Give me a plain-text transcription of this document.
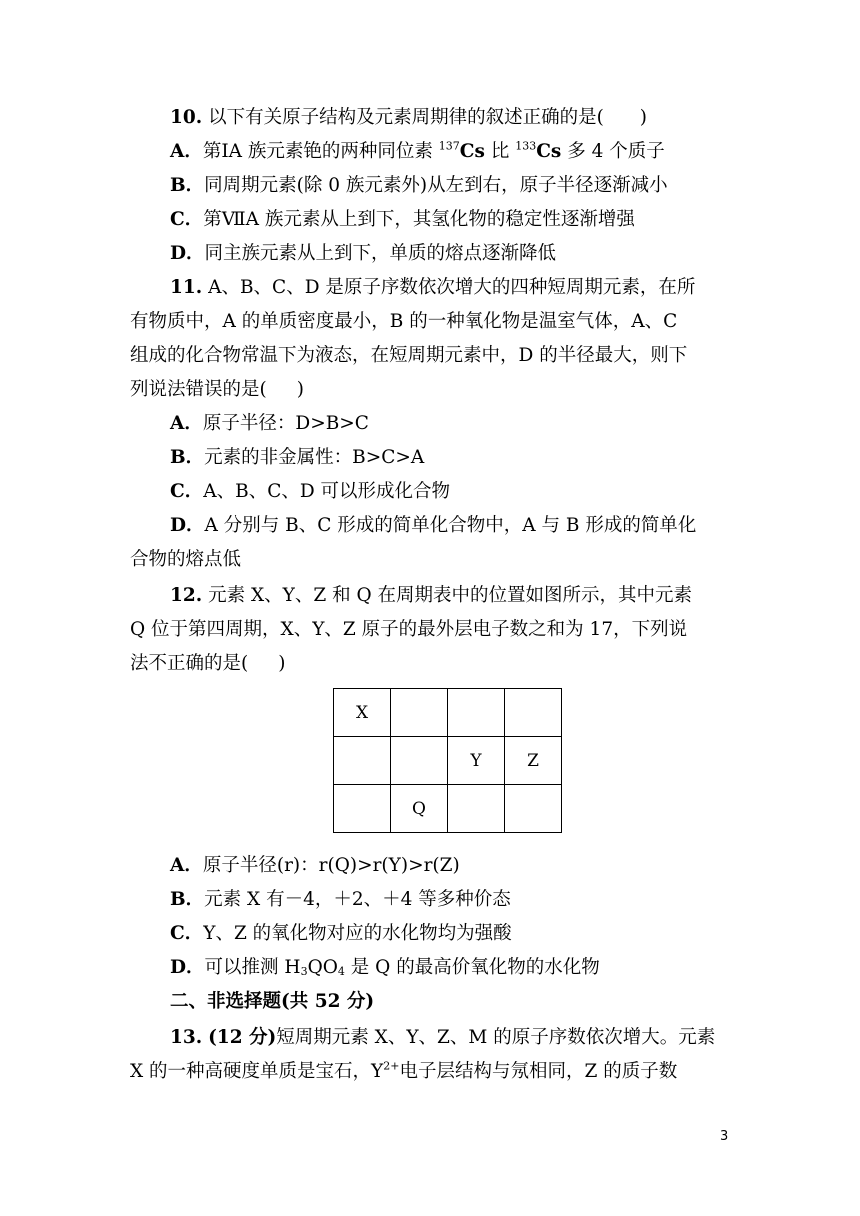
10. 以下有关原子结构及元素周期律的叙述正确的是( )
A．第ⅠA 族元素铯的两种同位素 $^{137}$Cs 比 $^{133}$Cs 多 4 个质子
B．同周期元素(除 0 族元素外)从左到右，原子半径逐渐减小
C．第ⅦA 族元素从上到下，其氢化物的稳定性逐渐增强
D．同主族元素从上到下，单质的熔点逐渐降低
11. A、B、C、D 是原子序数依次增大的四种短周期元素，在所
有物质中，A 的单质密度最小，B 的一种氧化物是温室气体，A、C
组成的化合物常温下为液态，在短周期元素中，D 的半径最大，则下
列说法错误的是( )
A．原子半径：D>B>C
B．元素的非金属性：B>C>A
C．A、B、C、D 可以形成化合物
D．A 分别与 B、C 形成的简单化合物中，A 与 B 形成的简单化
合物的熔点低
12. 元素 X、Y、Z 和 Q 在周期表中的位置如图所示，其中元素
Q 位于第四周期，X、Y、Z 原子的最外层电子数之和为 17，下列说
法不正确的是( )
X			
		Y	Z
	Q		
A．原子半径(r)：r(Q)>r(Y)>r(Z)
B．元素 X 有－4，＋2、＋4 等多种价态
C．Y、Z 的氧化物对应的水化物均为强酸
D．可以推测 $H_3QO_4$ 是 Q 的最高价氧化物的水化物
二、非选择题(共 52 分)
13. (12 分)短周期元素 X、Y、Z、M 的原子序数依次增大。元素
X 的一种高硬度单质是宝石，$Y^{2+}$电子层结构与氖相同，Z 的质子数
3
